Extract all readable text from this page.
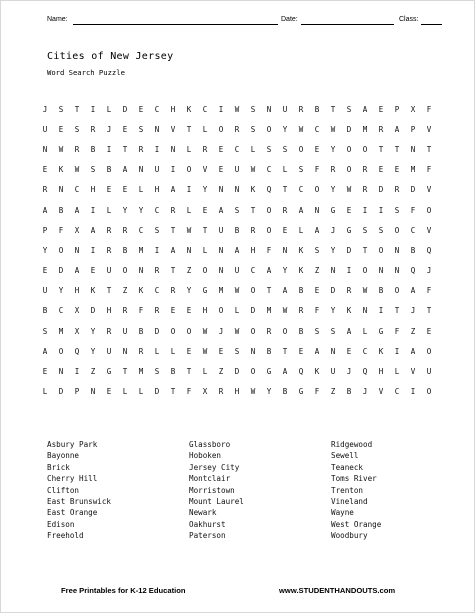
Name:	Date:	Class:
Cities of New Jersey
Word Search Puzzle
J	S	T	I	L	D	E	C	H	K	C	I	W	S	N	U	R	B	T	S	A	E	P	X	F
U	E	S	R	J	E	S	N	V	T	L	O	R	S	O	Y	W	C	W	D	M	R	A	P	V
N	W	R	B	I	T	R	I	N	L	R	E	C	L	S	S	O	E	Y	O	O	T	T	N	T
E	K	W	S	B	A	N	U	I	O	V	E	U	W	C	L	S	F	R	O	R	E	E	M	F
R	N	C	H	E	E	L	H	A	I	Y	N	N	K	Q	T	C	O	Y	W	R	D	R	D	V
A	B	A	I	L	Y	Y	C	R	L	E	A	S	T	O	R	A	N	G	E	I	I	S	F	O
P	F	X	A	R	R	C	S	T	W	T	U	B	R	O	E	L	A	J	G	S	S	O	C	V
Y	O	N	I	R	B	M	I	A	N	L	N	A	H	F	N	K	S	Y	D	T	O	N	B	Q
E	D	A	E	U	O	N	R	T	Z	O	N	U	C	A	Y	K	Z	N	I	O	N	N	Q	J
U	Y	H	K	T	Z	K	C	R	Y	G	M	W	O	T	A	B	E	D	R	W	B	O	A	F
B	C	X	D	H	R	F	R	E	E	H	O	L	D	M	W	R	F	Y	K	N	I	T	J	T
S	M	X	Y	R	U	B	D	O	O	W	J	W	O	R	O	B	S	S	A	L	G	F	Z	E
A	O	Q	Y	U	N	R	L	L	E	W	E	S	N	B	T	E	A	N	E	C	K	I	A	O
E	N	I	Z	G	T	M	S	B	T	L	Z	D	O	G	A	Q	K	U	J	Q	H	L	V	U
L	D	P	N	E	L	L	D	T	F	X	R	H	W	Y	B	G	F	Z	B	J	V	C	I	O
Asbury Park
Bayonne
Brick
Cherry Hill
Clifton
East Brunswick
East Orange
Edison
Freehold
Glassboro
Hoboken
Jersey City
Montclair
Morristown
Mount Laurel
Newark
Oakhurst
Paterson
Ridgewood
Sewell
Teaneck
Toms River
Trenton
Vineland
Wayne
West Orange
Woodbury
Free Printables for K-12 Education	www.STUDENTHANDOUTS.com
